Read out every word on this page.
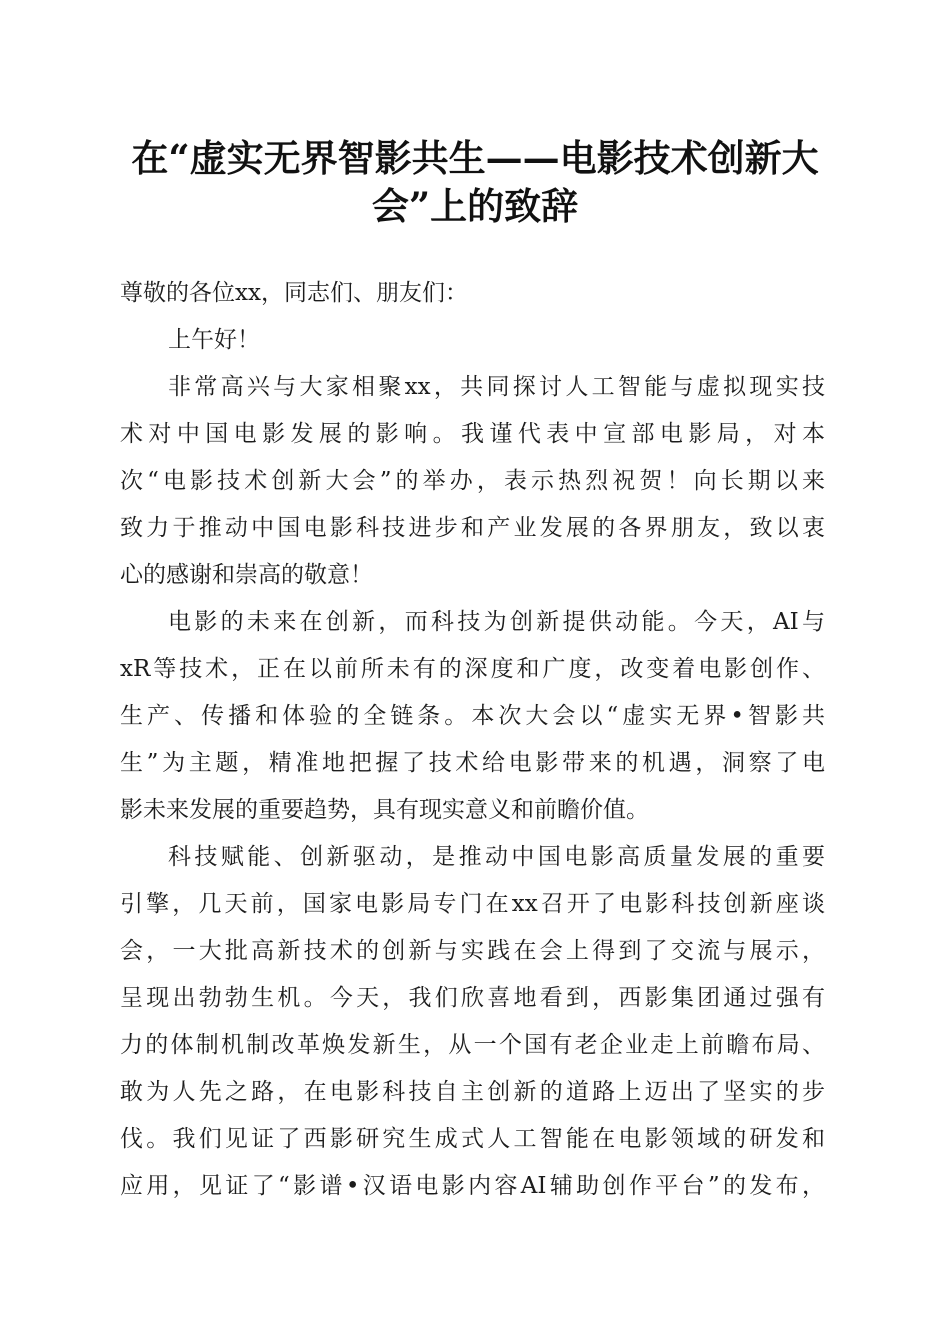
在“虚实无界智影共生——电影技术创新大
会”上的致辞
尊敬的各位xx，同志们、朋友们：
上午好！
非常高兴与大家相聚xx，共同探讨人工智能与虚拟现实技
术对中国电影发展的影响。我谨代表中宣部电影局，对本
次“电影技术创新大会”的举办，表示热烈祝贺！向长期以来
致力于推动中国电影科技进步和产业发展的各界朋友，致以衷
心的感谢和崇高的敬意！
电影的未来在创新，而科技为创新提供动能。今天，AI与
xR等技术，正在以前所未有的深度和广度，改变着电影创作、
生产、传播和体验的全链条。本次大会以“虚实无界•智影共
生”为主题，精准地把握了技术给电影带来的机遇，洞察了电
影未来发展的重要趋势，具有现实意义和前瞻价值。
科技赋能、创新驱动，是推动中国电影高质量发展的重要
引擎，几天前，国家电影局专门在xx召开了电影科技创新座谈
会，一大批高新技术的创新与实践在会上得到了交流与展示，
呈现出勃勃生机。今天，我们欣喜地看到，西影集团通过强有
力的体制机制改革焕发新生，从一个国有老企业走上前瞻布局、
敢为人先之路，在电影科技自主创新的道路上迈出了坚实的步
伐。我们见证了西影研究生成式人工智能在电影领域的研发和
应用，见证了“影谱•汉语电影内容AI辅助创作平台”的发布，
